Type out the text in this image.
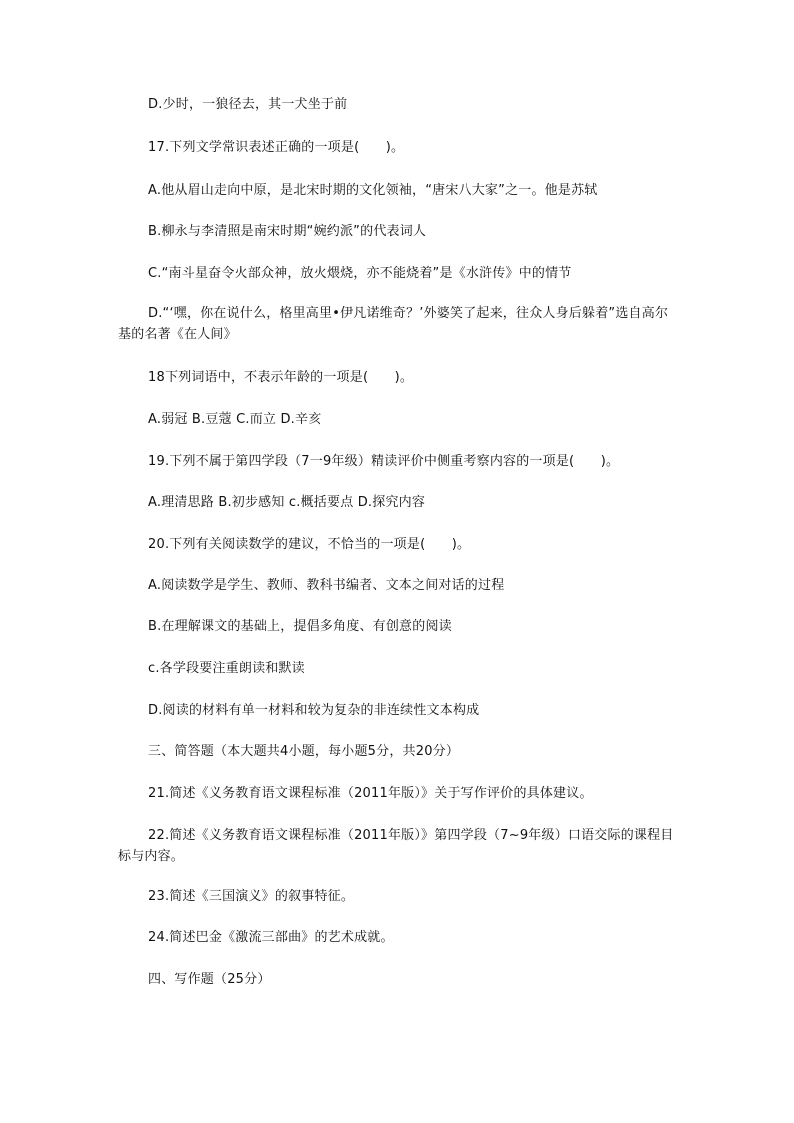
D.少时，一狼径去，其一犬坐于前
17.下列文学常识表述正确的一项是(　　)。
A.他从眉山走向中原，是北宋时期的文化领袖，“唐宋八大家”之一。他是苏轼
B.柳永与李清照是南宋时期“婉约派”的代表词人
C.“南斗星奋令火部众神，放火煨烧，亦不能烧着”是《水浒传》中的情节
D.“‘嘿，你在说什么，格里高里•伊凡诺维奇？’外婆笑了起来，往众人身后躲着”选自高尔基的名著《在人间》
18下列词语中，不表示年龄的一项是(　　)。
A.弱冠 B.豆蔻 C.而立 D.辛亥
19.下列不属于第四学段（7一9年级）精读评价中侧重考察内容的一项是(　　)。
A.理清思路 B.初步感知 c.概括要点 D.探究内容
20.下列有关阅读数学的建议，不恰当的一项是(　　)。
A.阅读数学是学生、教师、教科书编者、文本之间对话的过程
B.在理解课文的基础上，提倡多角度、有创意的阅读
c.各学段要注重朗读和默读
D.阅读的材料有单一材料和较为复杂的非连续性文本构成
三、简答题（本大题共4小题，每小题5分，共20分）
21.简述《义务教育语文课程标准（2011年版）》关于写作评价的具体建议。
22.简述《义务教育语文课程标准（2011年版）》第四学段（7~9年级）口语交际的课程目标与内容。
23.简述《三国演义》的叙事特征。
24.简述巴金《激流三部曲》的艺术成就。
四、写作题（25分）
